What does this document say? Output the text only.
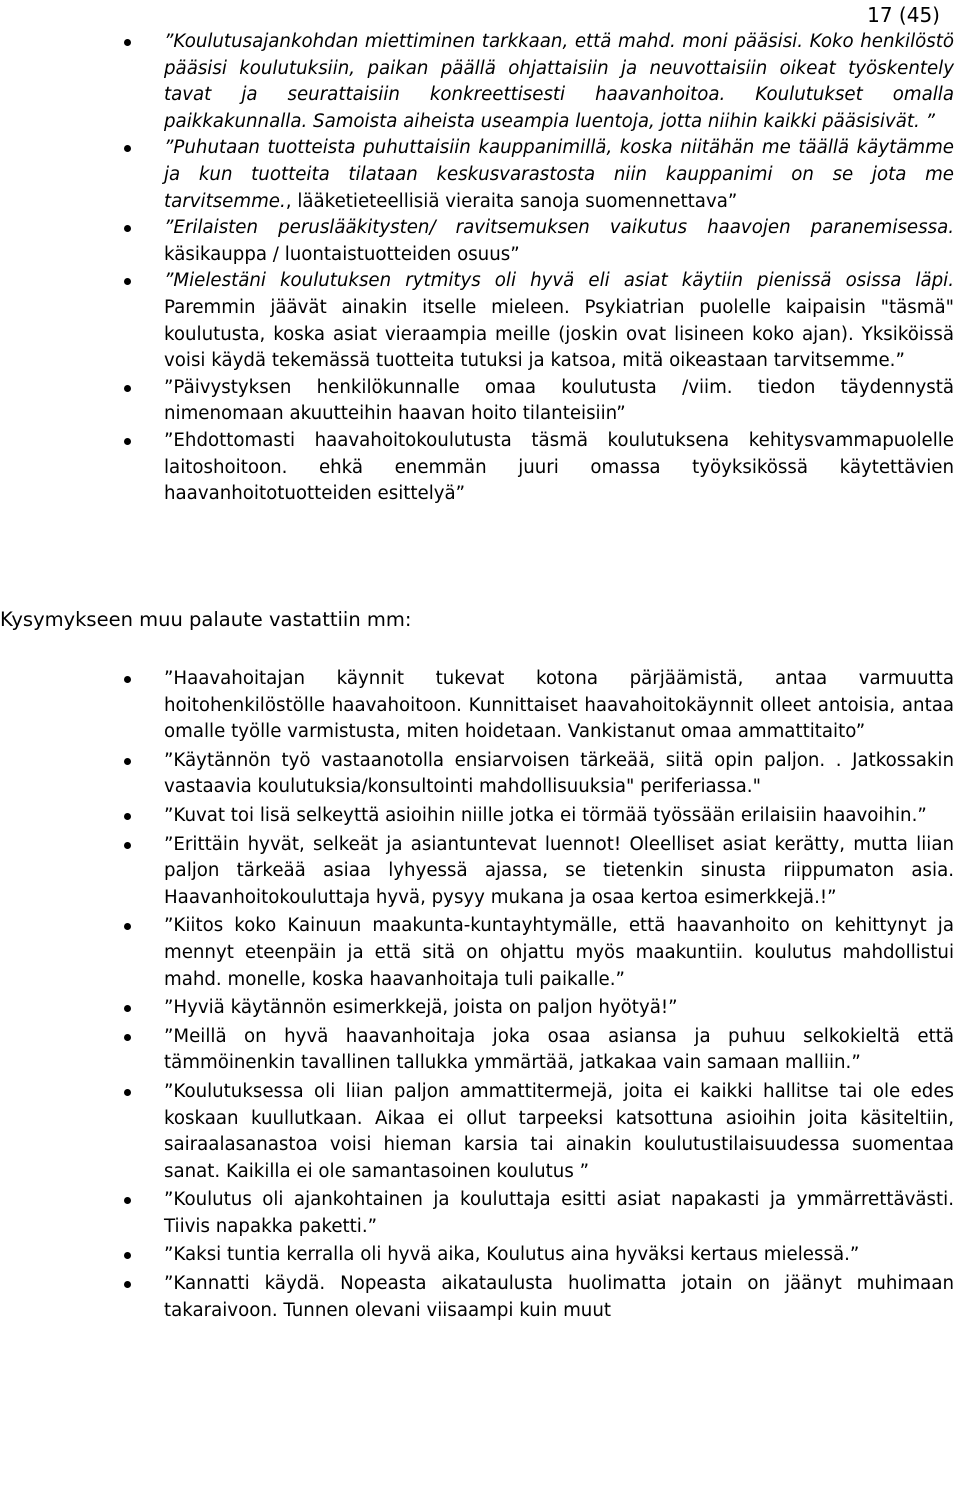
17 (45)
”Koulutusajankohdan miettiminen tarkkaan, että mahd. moni pääsisi. Koko henkilöstö pääsisi koulutuksiin, paikan päällä ohjattaisiin ja neuvottaisiin oikeat työskentely tavat ja seurattaisiin konkreettisesti haavanhoitoa. Koulutukset omalla paikkakunnalla. Samoista aiheista useampia luentoja, jotta niihin kaikki pääsisivät. ”
”Puhutaan tuotteista puhuttaisiin kauppanimillä, koska niitähän me täällä käytämme ja kun tuotteita tilataan keskusvarastosta niin kauppanimi on se jota me tarvitsemme., lääketieteellisiä vieraita sanoja suomennettava”
”Erilaisten peruslääkitysten/ ravitsemuksen vaikutus haavojen paranemisessa. käsikauppa / luontaistuotteiden osuus”
”Mielestäni koulutuksen rytmitys oli hyvä eli asiat käytiin pienissä osissa läpi. Paremmin jäävät ainakin itselle mieleen. Psykiatrian puolelle kaipaisin "täsmä" koulutusta, koska asiat vieraampia meille (joskin ovat lisineen koko ajan). Yksiköissä voisi käydä tekemässä tuotteita tutuksi ja katsoa, mitä oikeastaan tarvitsemme.”
”Päivystyksen henkilökunnalle omaa koulutusta /viim. tiedon täydennystä nimenomaan akuutteihin haavan hoito tilanteisiin”
”Ehdottomasti haavahoitokoulutusta täsmä koulutuksena kehitysvammapuolelle laitoshoitoon. ehkä enemmän juuri omassa työyksikössä käytettävien haavanhoitotuotteiden esittelyä”
Kysymykseen muu palaute vastattiin mm:
”Haavahoitajan käynnit tukevat kotona pärjäämistä, antaa varmuutta hoitohenkilöstölle haavahoitoon. Kunnittaiset haavahoitokäynnit olleet antoisia, antaa omalle työlle varmistusta, miten hoidetaan. Vankistanut omaa ammattitaito”
”Käytännön työ vastaanotolla ensiarvoisen tärkeää, siitä opin paljon. . Jatkossakin vastaavia koulutuksia/konsultointi mahdollisuuksia" periferiassa."
”Kuvat toi lisä selkeyttä asioihin niille jotka ei törmää työssään erilaisiin haavoihin.”
”Erittäin hyvät, selkeät ja asiantuntevat luennot! Oleelliset asiat kerätty, mutta liian paljon tärkeää asiaa lyhyessä ajassa, se tietenkin sinusta riippumaton asia. Haavanhoitokouluttaja hyvä, pysyy mukana ja osaa kertoa esimerkkejä.!”
”Kiitos koko Kainuun maakunta-kuntayhtymälle, että haavanhoito on kehittynyt ja mennyt eteenpäin ja että sitä on ohjattu myös maakuntiin. koulutus mahdollistui mahd. monelle, koska haavanhoitaja tuli paikalle.”
”Hyviä käytännön esimerkkejä, joista on paljon hyötyä!”
”Meillä on hyvä haavanhoitaja joka osaa asiansa ja puhuu selkokieltä että tämmöinenkin tavallinen tallukka ymmärtää, jatkakaa vain samaan malliin.”
”Koulutuksessa oli liian paljon ammattitermejä, joita ei kaikki hallitse tai ole edes koskaan kuullutkaan. Aikaa ei ollut tarpeeksi katsottuna asioihin joita käsiteltiin, sairaalasanastoa voisi hieman karsia tai ainakin koulutustilaisuudessa suomentaa sanat. Kaikilla ei ole samantasoinen koulutus ”
”Koulutus oli ajankohtainen ja kouluttaja esitti asiat napakasti ja ymmärrettävästi. Tiivis napakka paketti.”
”Kaksi tuntia kerralla oli hyvä aika, Koulutus aina hyväksi kertaus mielessä.”
”Kannatti käydä. Nopeasta aikataulusta huolimatta jotain on jäänyt muhimaan takaraivoon. Tunnen olevani viisaampi kuin muut
